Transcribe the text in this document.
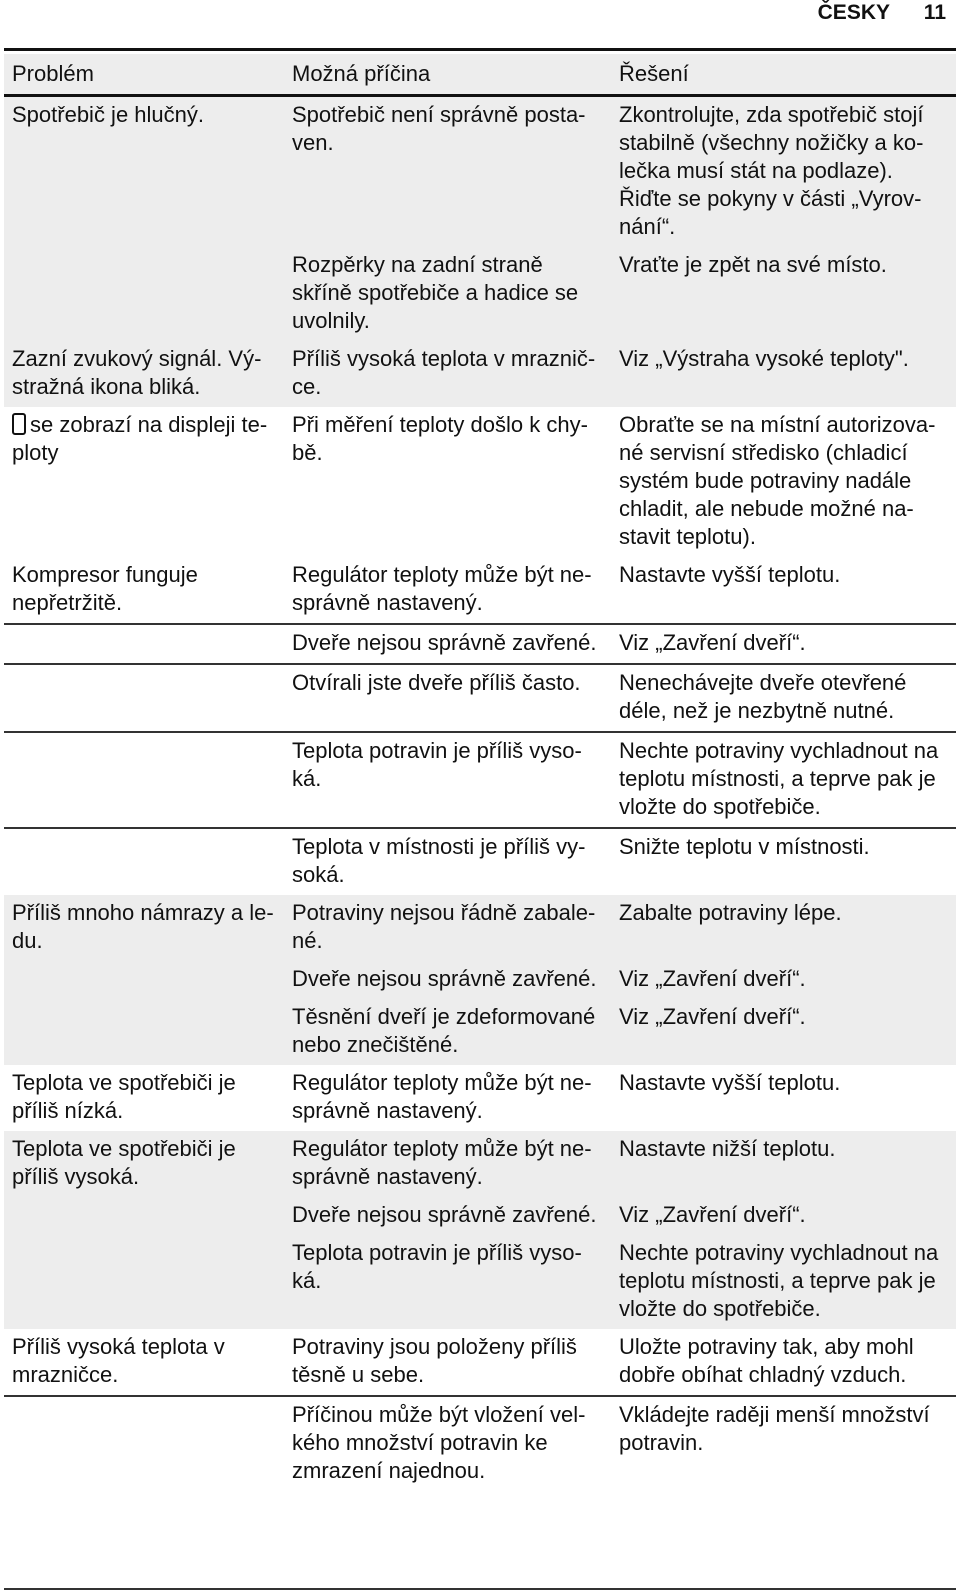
ČESKY 11
Problém	Možná příčina	Řešení
Spotřebič je hlučný.	Spotřebič není správně posta- ven.	Zkontrolujte, zda spotřebič stojí stabilně (všechny nožičky a ko- lečka musí stát na podlaze). Řiďte se pokyny v části „Vyrov- nání“.
	Rozpěrky na zadní straně skříně spotřebiče a hadice se uvolnily.	Vraťte je zpět na své místo.
Zazní zvukový signál. Vý- stražná ikona bliká.	Příliš vysoká teplota v mraznič- ce.	Viz „Výstraha vysoké teploty".
se zobrazí na displeji te- ploty	Při měření teploty došlo k chy- bě.	Obraťte se na místní autorizova- né servisní středisko (chladicí systém bude potraviny nadále chladit, ale nebude možné na- stavit teplotu).
Kompresor funguje nepřetržitě.	Regulátor teploty může být ne- správně nastavený.	Nastavte vyšší teplotu.
	Dveře nejsou správně zavřené.	Viz „Zavření dveří“.
	Otvírali jste dveře příliš často.	Nenechávejte dveře otevřené déle, než je nezbytně nutné.
	Teplota potravin je příliš vyso- ká.	Nechte potraviny vychladnout na teplotu místnosti, a teprve pak je vložte do spotřebiče.
	Teplota v místnosti je příliš vy- soká.	Snižte teplotu v místnosti.
Příliš mnoho námrazy a le- du.	Potraviny nejsou řádně zabale- né.	Zabalte potraviny lépe.
	Dveře nejsou správně zavřené.	Viz „Zavření dveří“.
	Těsnění dveří je zdeformované nebo znečištěné.	Viz „Zavření dveří“.
Teplota ve spotřebiči je příliš nízká.	Regulátor teploty může být ne- správně nastavený.	Nastavte vyšší teplotu.
Teplota ve spotřebiči je příliš vysoká.	Regulátor teploty může být ne- správně nastavený.	Nastavte nižší teplotu.
	Dveře nejsou správně zavřené.	Viz „Zavření dveří“.
	Teplota potravin je příliš vyso- ká.	Nechte potraviny vychladnout na teplotu místnosti, a teprve pak je vložte do spotřebiče.
Příliš vysoká teplota v mrazničce.	Potraviny jsou položeny příliš těsně u sebe.	Uložte potraviny tak, aby mohl dobře obíhat chladný vzduch.
	Příčinou může být vložení vel- kého množství potravin ke zmrazení najednou.	Vkládejte raději menší množství potravin.
